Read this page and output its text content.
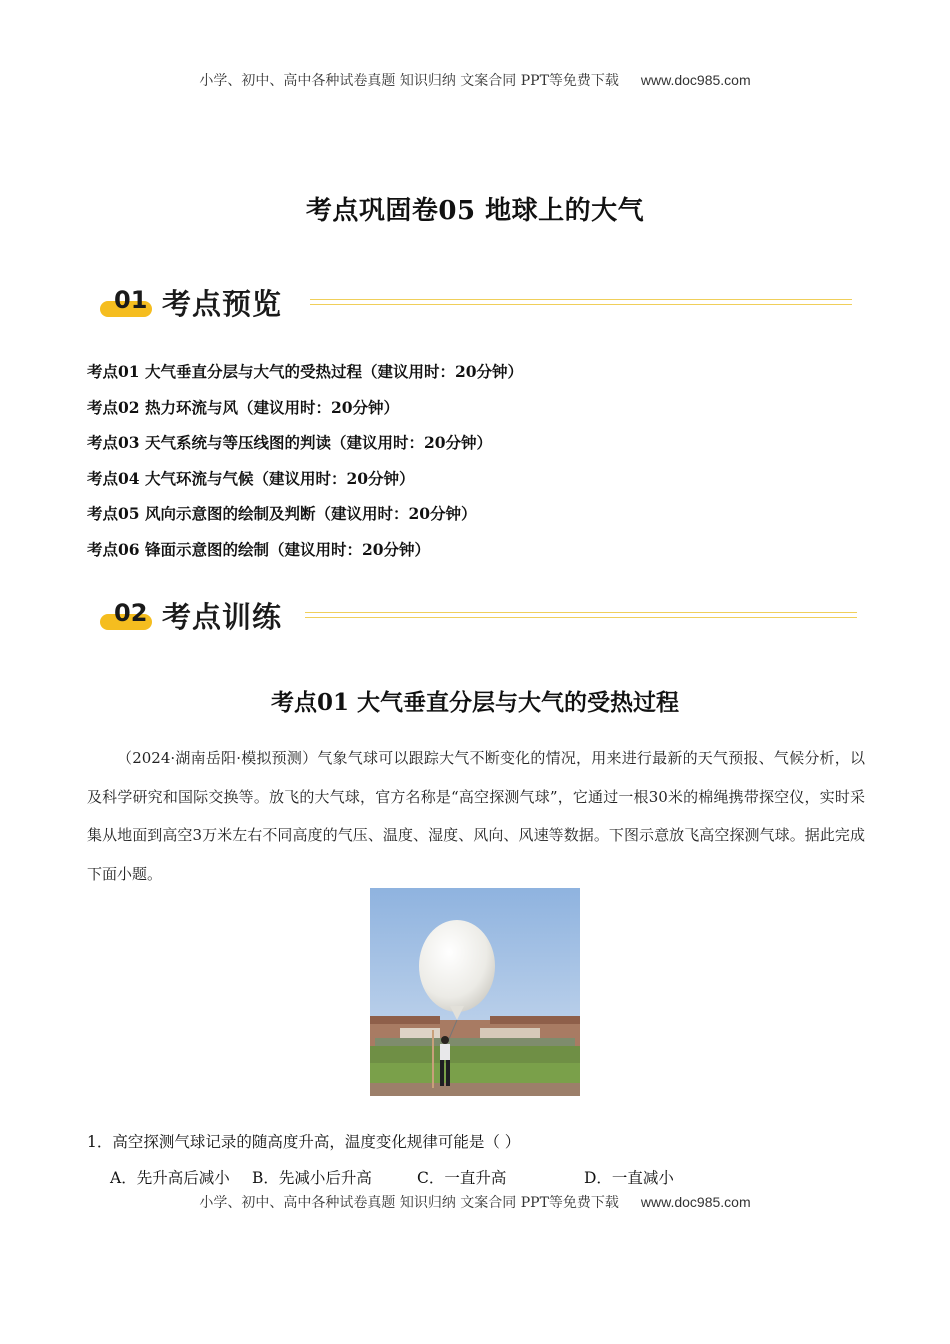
小学、初中、高中各种试卷真题 知识归纳 文案合同 PPT等免费下载 www.doc985.com
考点巩固卷05 地球上的大气
01 考点预览
考点01 大气垂直分层与大气的受热过程（建议用时：20分钟）
考点02 热力环流与风（建议用时：20分钟）
考点03 天气系统与等压线图的判读（建议用时：20分钟）
考点04 大气环流与气候（建议用时：20分钟）
考点05 风向示意图的绘制及判断（建议用时：20分钟）
考点06 锋面示意图的绘制（建议用时：20分钟）
02 考点训练
考点01 大气垂直分层与大气的受热过程
（2024·湖南岳阳·模拟预测）气象气球可以跟踪大气不断变化的情况，用来进行最新的天气预报、气候分析，以及科学研究和国际交换等。放飞的大气球，官方名称是“高空探测气球”，它通过一根30米的棉绳携带探空仪，实时采集从地面到高空3万米左右不同高度的气压、温度、湿度、风向、风速等数据。下图示意放飞高空探测气球。据此完成下面小题。
1．高空探测气球记录的随高度升高，温度变化规律可能是（ ）
A．先升高后减小 B．先减小后升高	C．一直升高	D．一直减小
小学、初中、高中各种试卷真题 知识归纳 文案合同 PPT等免费下载 www.doc985.com
